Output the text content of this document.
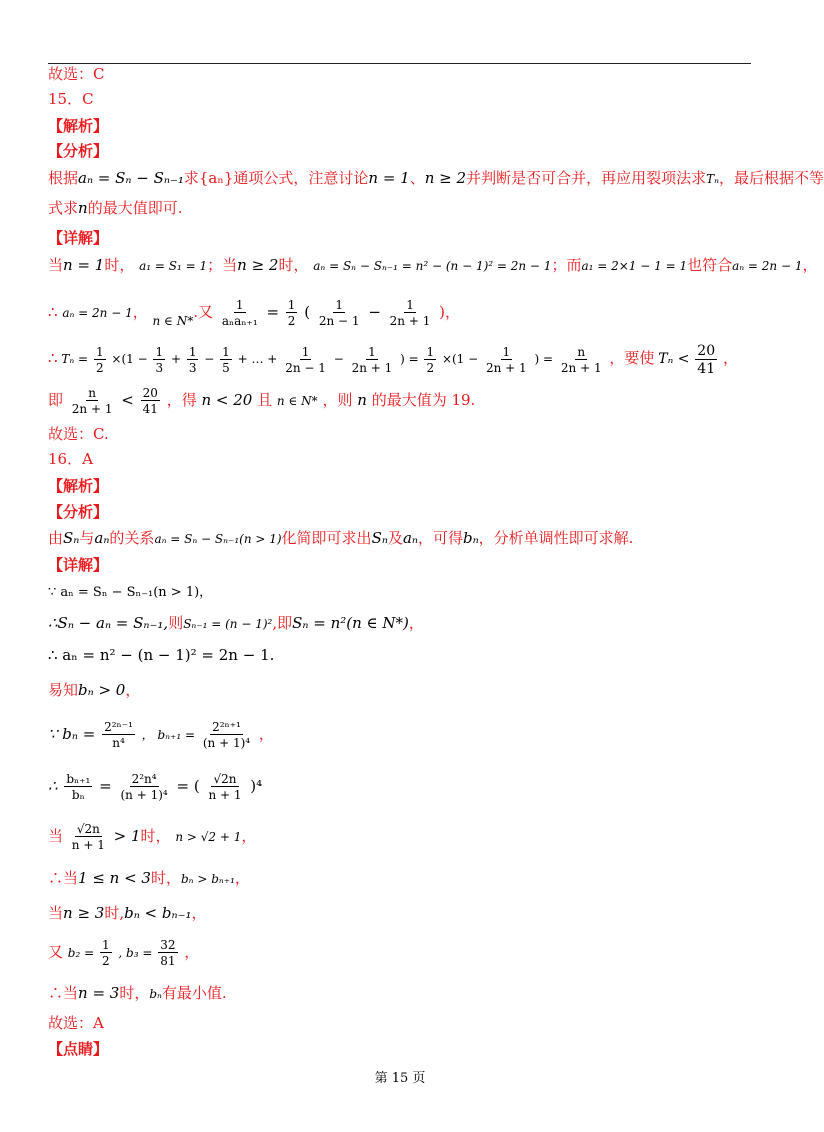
故选：C
15．C
【解析】
【分析】
根据aₙ = Sₙ − Sₙ₋₁求{aₙ}通项公式，注意讨论n = 1、n ≥ 2并判断是否可合并，再应用裂项法求Tₙ，最后根据不等
式求n的最大值即可.
【详解】
当n = 1时， a₁ = S₁ = 1；当n ≥ 2时， aₙ = Sₙ − Sₙ₋₁ = n² − (n − 1)² = 2n − 1；而a₁ = 2×1 − 1 = 1也符合aₙ = 2n − 1，
∴ aₙ = 2n − 1， $_{n \in N*}$.又 $\frac{1}{\text{aₙaₙ₊₁}} = \frac{1}{2}$ ( $\frac{1}{2n - 1} - \frac{1}{2n + 1}$ )，
∴ $T_n = \frac{1}{2} \times(1 - \frac{1}{3} + \frac{1}{3} - \frac{1}{5}$ + … + $\frac{1}{2n - 1} - \frac{1}{2n + 1}$ ) = $\frac{1}{2} \times(1 - \frac{1}{2n + 1}$ ) = $\frac{n}{2n + 1}$ ，要使 $T_n < \frac{20}{41}$ ，
即 $\frac{n}{2n + 1} < \frac{20}{41}$ ，得 n < 20 且 n ∈ N* ，则 n 的最大值为 19.
故选：C.
16．A
【解析】
【分析】
由Sₙ与aₙ的关系aₙ = Sₙ − Sₙ₋₁(n > 1)化简即可求出Sₙ及aₙ，可得bₙ，分析单调性即可求解.
【详解】
∵ aₙ = Sₙ − Sₙ₋₁(n > 1)，
∴Sₙ − aₙ = Sₙ₋₁,则Sₙ₋₁ = (n − 1)²,即Sₙ = n²(n ∈ N*)，
∴ aₙ = n² − (n − 1)² = 2n − 1.
易知bₙ > 0，
∵ $b_n = \frac{\text{2²ⁿ⁻¹}}{\text{n⁴}}$ ， $b_{n+1} = \frac{\text{2²ⁿ⁺¹}}{\text{(n + 1)⁴}}$ ，
∴ $\frac{\text{bₙ₊₁}}{\text{bₙ}} = \frac{\text{2²n⁴}}{\text{(n + 1)⁴}}$ = ( $\frac{√2n}{n + 1} )^4$
当 $\frac{√2n}{n + 1} > 1$时， n > √2 + 1，
∴当1 ≤ n < 3时，bₙ > bₙ₊₁，
当n ≥ 3时,bₙ < bₙ₋₁，
又 $b_2 = \frac{1}{2}$ , $b_3 = \frac{32}{81}$ ，
∴当n = 3时，bₙ有最小值.
故选：A
【点睛】
第 15 页
